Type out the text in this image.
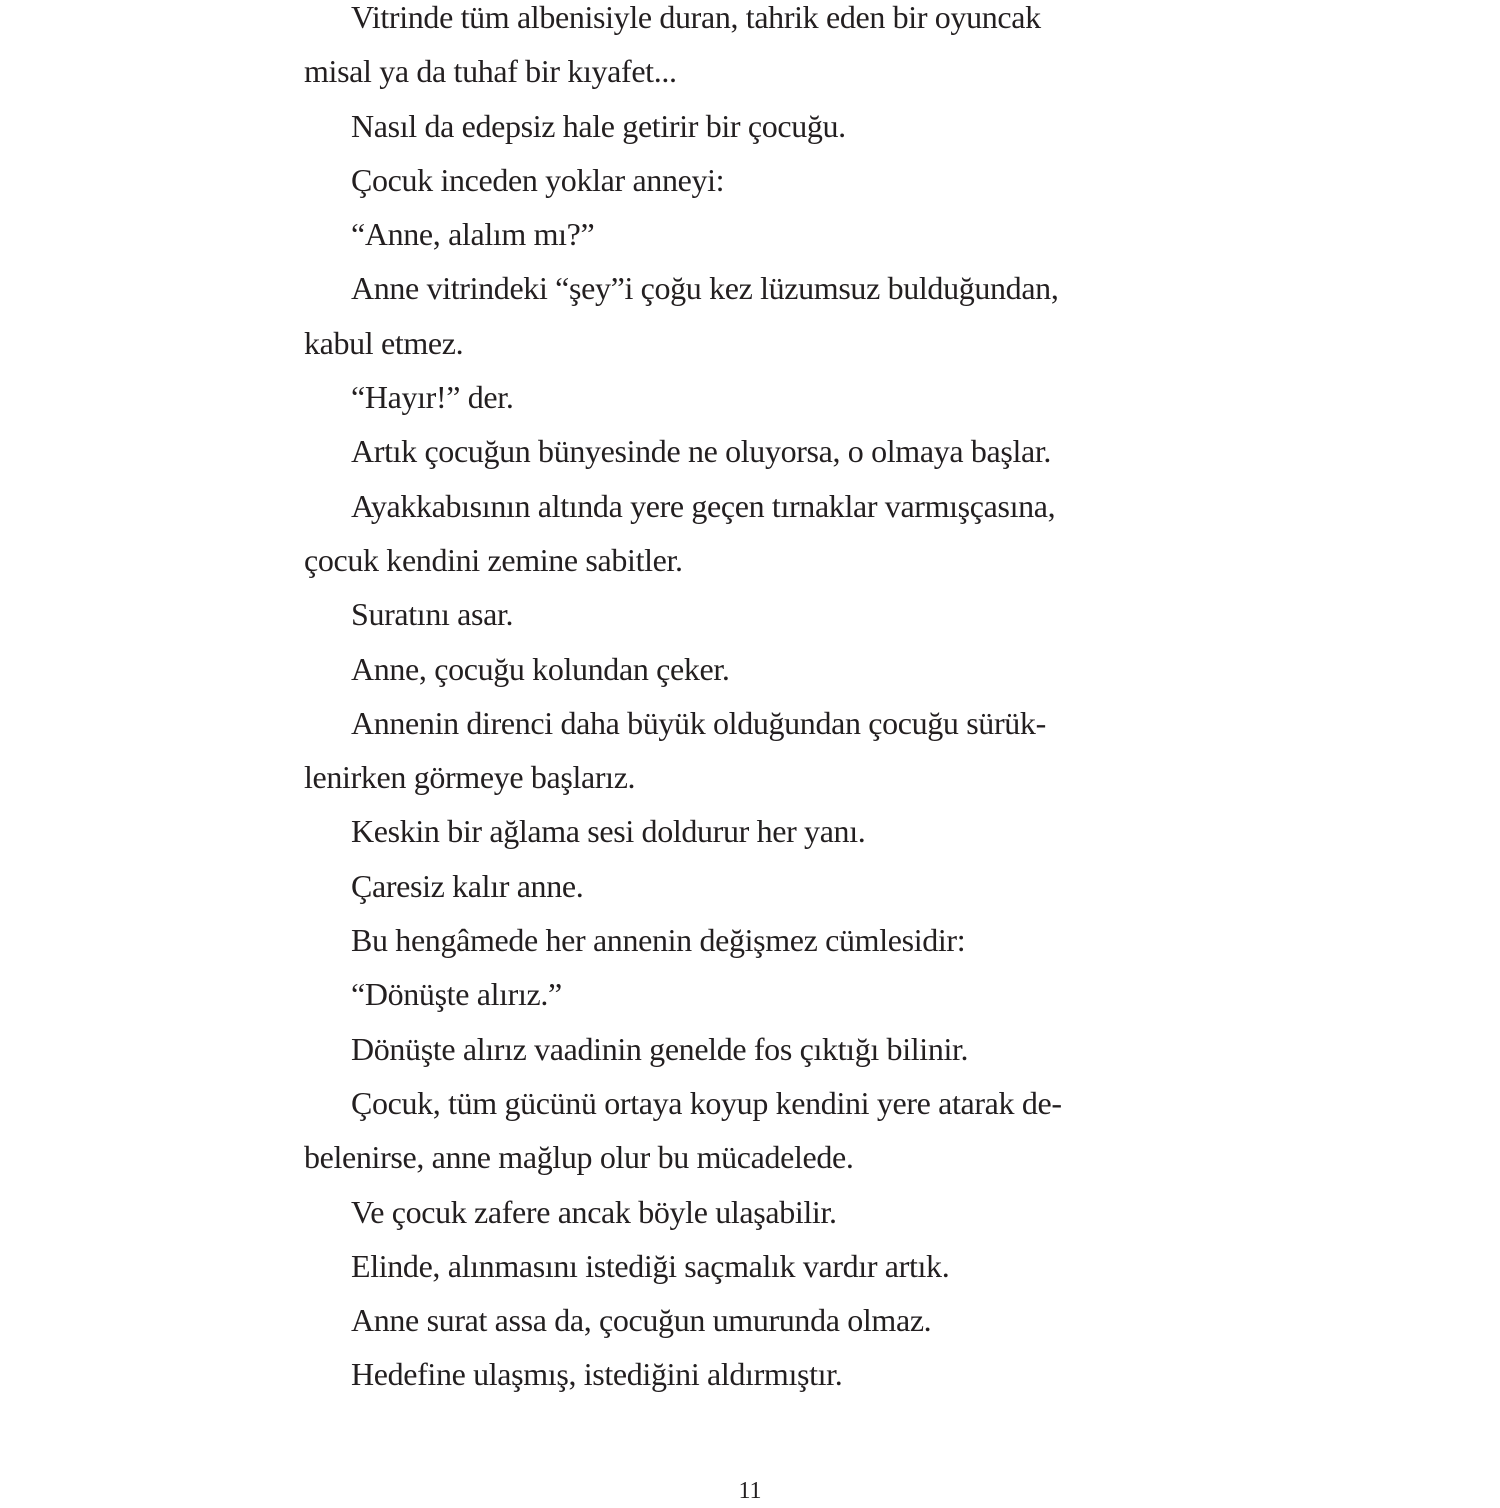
Vitrinde tüm albenisiyle duran, tahrik eden bir oyuncak
misal ya da tuhaf bir kıyafet...
Nasıl da edepsiz hale getirir bir çocuğu.
Çocuk inceden yoklar anneyi:
“Anne, alalım mı?”
Anne vitrindeki “şey”i çoğu kez lüzumsuz bulduğundan,
kabul etmez.
“Hayır!” der.
Artık çocuğun bünyesinde ne oluyorsa, o olmaya başlar.
Ayakkabısının altında yere geçen tırnaklar varmışçasına,
çocuk kendini zemine sabitler.
Suratını asar.
Anne, çocuğu kolundan çeker.
Annenin direnci daha büyük olduğundan çocuğu sürük-
lenirken görmeye başlarız.
Keskin bir ağlama sesi doldurur her yanı.
Çaresiz kalır anne.
Bu hengâmede her annenin değişmez cümlesidir:
“Dönüşte alırız.”
Dönüşte alırız vaadinin genelde fos çıktığı bilinir.
Çocuk, tüm gücünü ortaya koyup kendini yere atarak de-
belenirse, anne mağlup olur bu mücadelede.
Ve çocuk zafere ancak böyle ulaşabilir.
Elinde, alınmasını istediği saçmalık vardır artık.
Anne surat assa da, çocuğun umurunda olmaz.
Hedefine ulaşmış, istediğini aldırmıştır.
11
